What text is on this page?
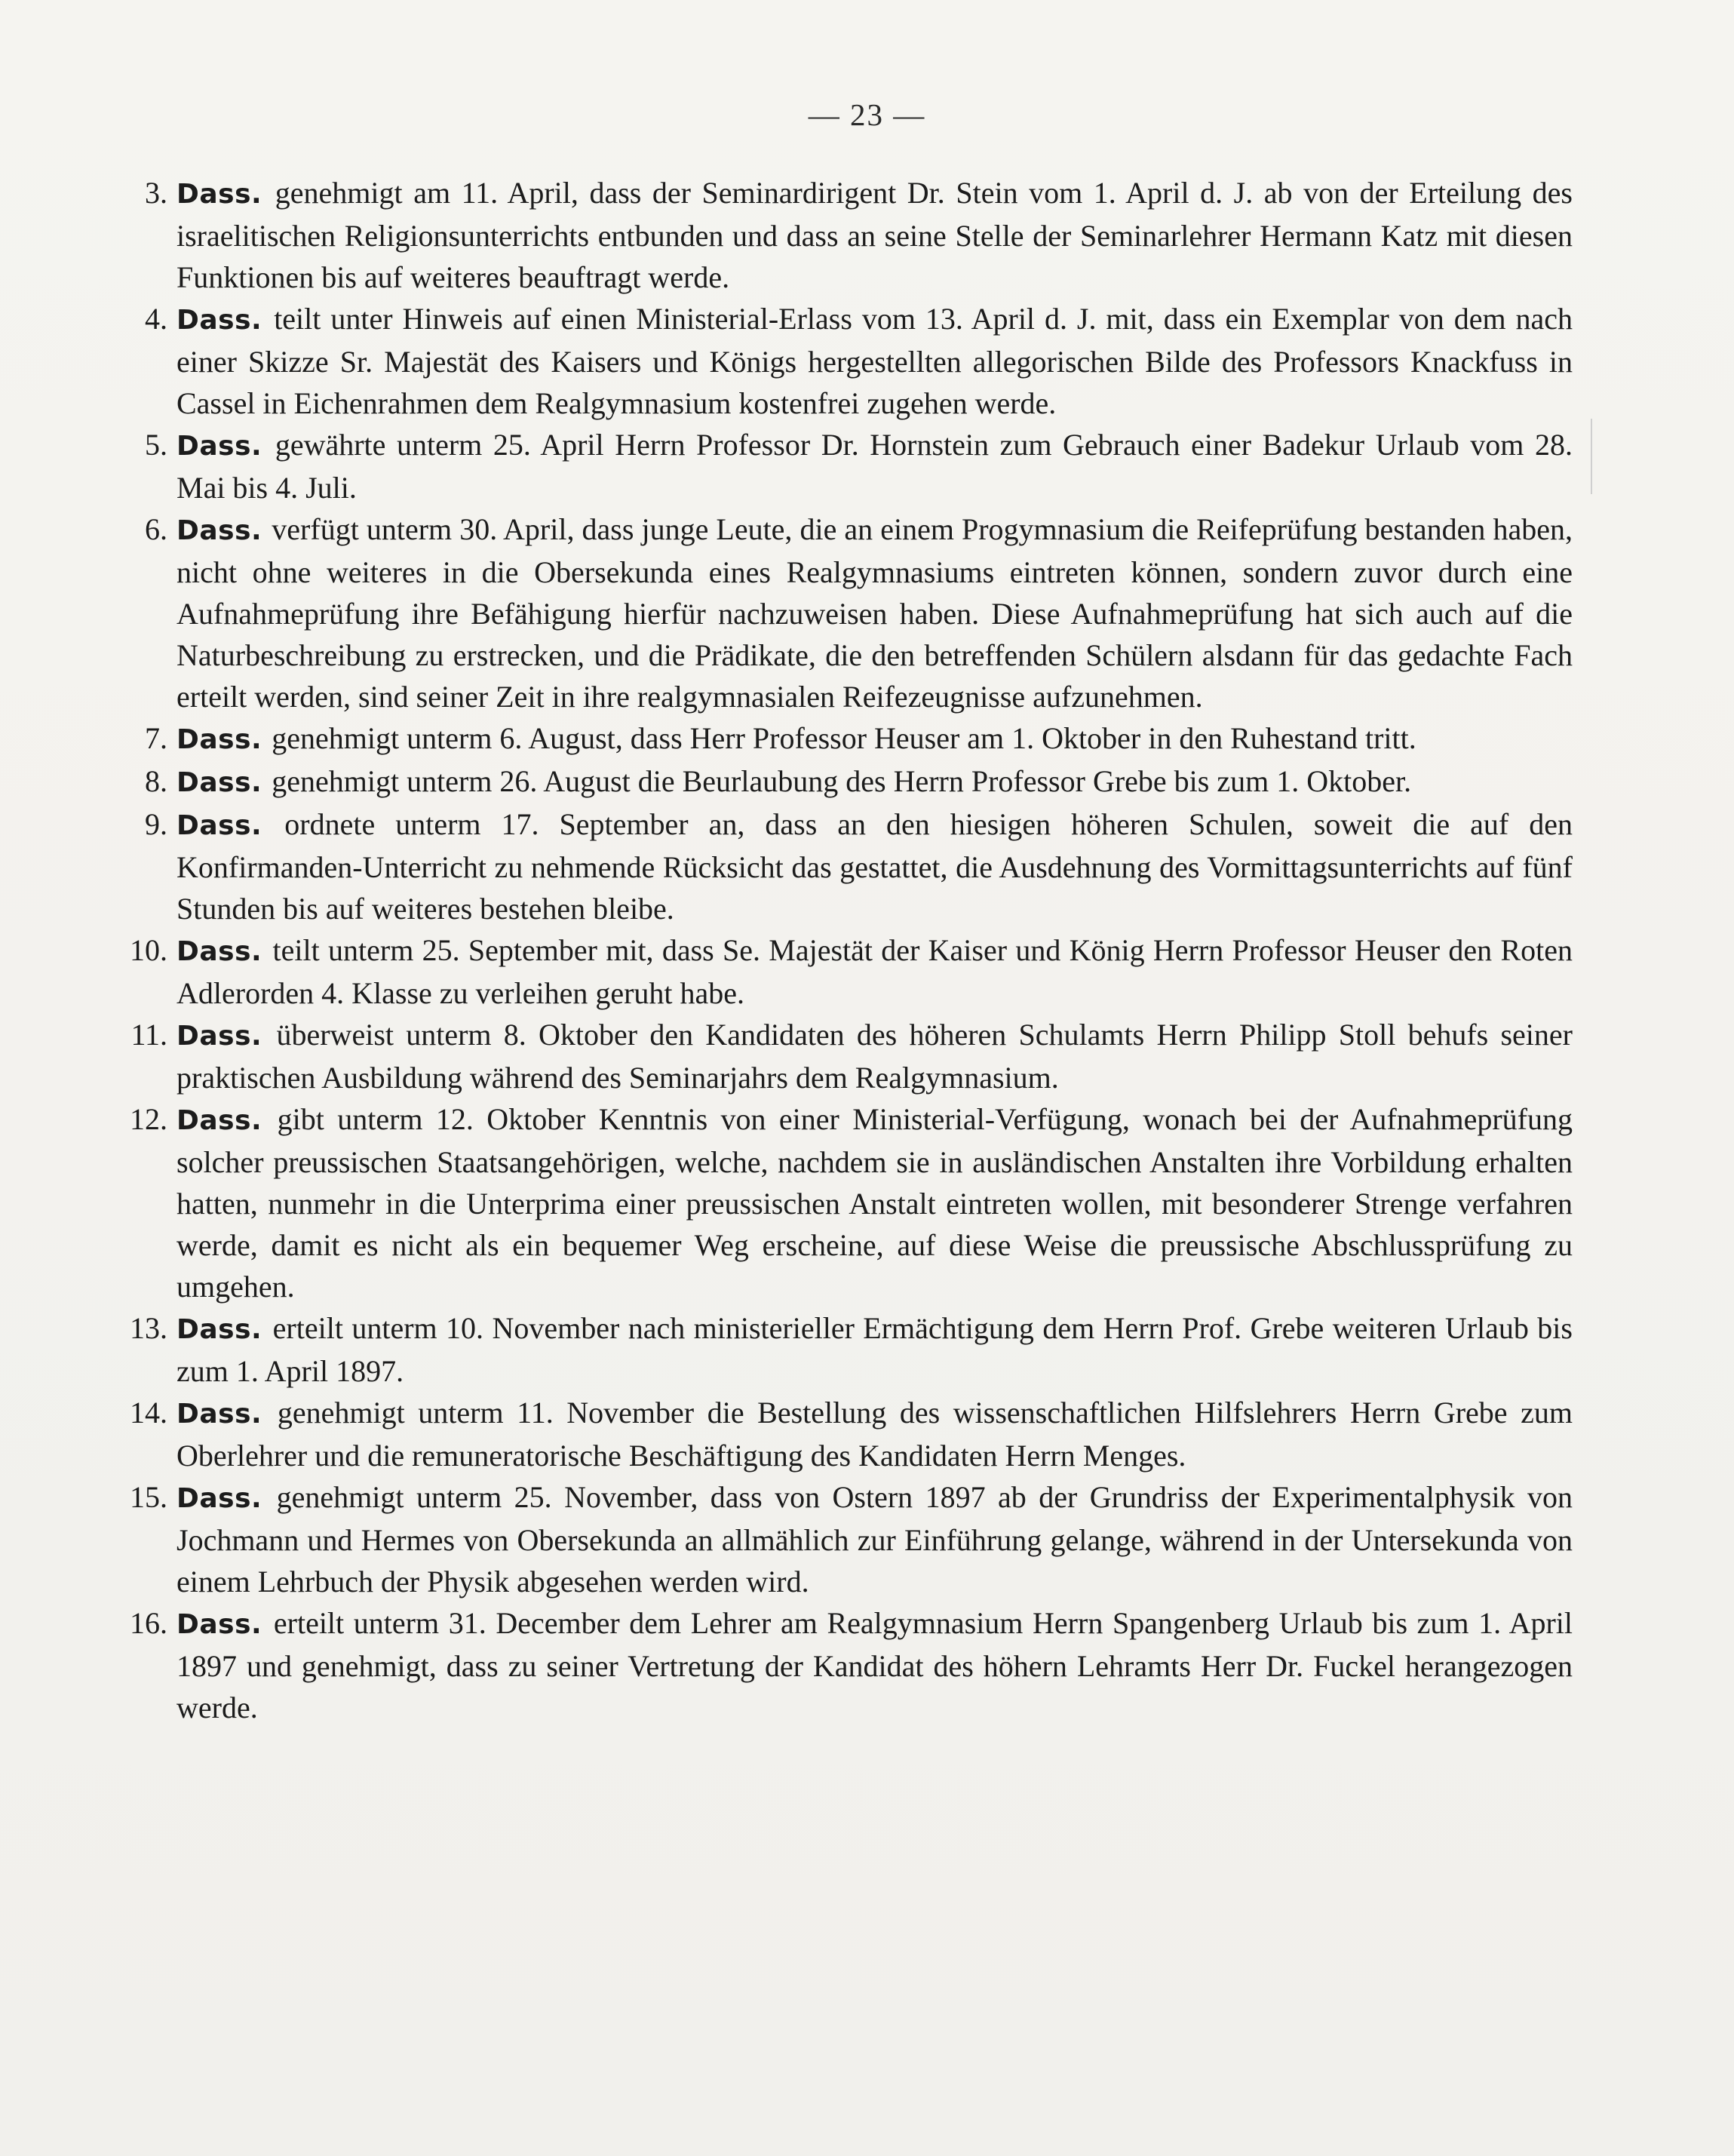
— 23 —
3. Dass. genehmigt am 11. April, dass der Seminardirigent Dr. Stein vom 1. April d. J. ab von der Erteilung des israelitischen Religionsunterrichts entbunden und dass an seine Stelle der Seminarlehrer Hermann Katz mit diesen Funktionen bis auf weiteres beauftragt werde.
4. Dass. teilt unter Hinweis auf einen Ministerial-Erlass vom 13. April d. J. mit, dass ein Exemplar von dem nach einer Skizze Sr. Majestät des Kaisers und Königs hergestellten allegorischen Bilde des Professors Knackfuss in Cassel in Eichenrahmen dem Realgymnasium kostenfrei zugehen werde.
5. Dass. gewährte unterm 25. April Herrn Professor Dr. Hornstein zum Gebrauch einer Badekur Urlaub vom 28. Mai bis 4. Juli.
6. Dass. verfügt unterm 30. April, dass junge Leute, die an einem Progymnasium die Reifeprüfung bestanden haben, nicht ohne weiteres in die Obersekunda eines Realgymnasiums eintreten können, sondern zuvor durch eine Aufnahmeprüfung ihre Befähigung hierfür nachzuweisen haben. Diese Aufnahmeprüfung hat sich auch auf die Naturbeschreibung zu erstrecken, und die Prädikate, die den betreffenden Schülern alsdann für das gedachte Fach erteilt werden, sind seiner Zeit in ihre realgymnasialen Reifezeugnisse aufzunehmen.
7. Dass. genehmigt unterm 6. August, dass Herr Professor Heuser am 1. Oktober in den Ruhestand tritt.
8. Dass. genehmigt unterm 26. August die Beurlaubung des Herrn Professor Grebe bis zum 1. Oktober.
9. Dass. ordnete unterm 17. September an, dass an den hiesigen höheren Schulen, soweit die auf den Konfirmanden-Unterricht zu nehmende Rücksicht das gestattet, die Ausdehnung des Vormittagsunterrichts auf fünf Stunden bis auf weiteres bestehen bleibe.
10. Dass. teilt unterm 25. September mit, dass Se. Majestät der Kaiser und König Herrn Professor Heuser den Roten Adlerorden 4. Klasse zu verleihen geruht habe.
11. Dass. überweist unterm 8. Oktober den Kandidaten des höheren Schulamts Herrn Philipp Stoll behufs seiner praktischen Ausbildung während des Seminarjahrs dem Realgymnasium.
12. Dass. gibt unterm 12. Oktober Kenntnis von einer Ministerial-Verfügung, wonach bei der Aufnahmeprüfung solcher preussischen Staatsangehörigen, welche, nachdem sie in ausländischen Anstalten ihre Vorbildung erhalten hatten, nunmehr in die Unterprima einer preussischen Anstalt eintreten wollen, mit besonderer Strenge verfahren werde, damit es nicht als ein bequemer Weg erscheine, auf diese Weise die preussische Abschlussprüfung zu umgehen.
13. Dass. erteilt unterm 10. November nach ministerieller Ermächtigung dem Herrn Prof. Grebe weiteren Urlaub bis zum 1. April 1897.
14. Dass. genehmigt unterm 11. November die Bestellung des wissenschaftlichen Hilfslehrers Herrn Grebe zum Oberlehrer und die remuneratorische Beschäftigung des Kandidaten Herrn Menges.
15. Dass. genehmigt unterm 25. November, dass von Ostern 1897 ab der Grundriss der Experimentalphysik von Jochmann und Hermes von Obersekunda an allmählich zur Einführung gelange, während in der Untersekunda von einem Lehrbuch der Physik abgesehen werden wird.
16. Dass. erteilt unterm 31. December dem Lehrer am Realgymnasium Herrn Spangenberg Urlaub bis zum 1. April 1897 und genehmigt, dass zu seiner Vertretung der Kandidat des höhern Lehramts Herr Dr. Fuckel herangezogen werde.
